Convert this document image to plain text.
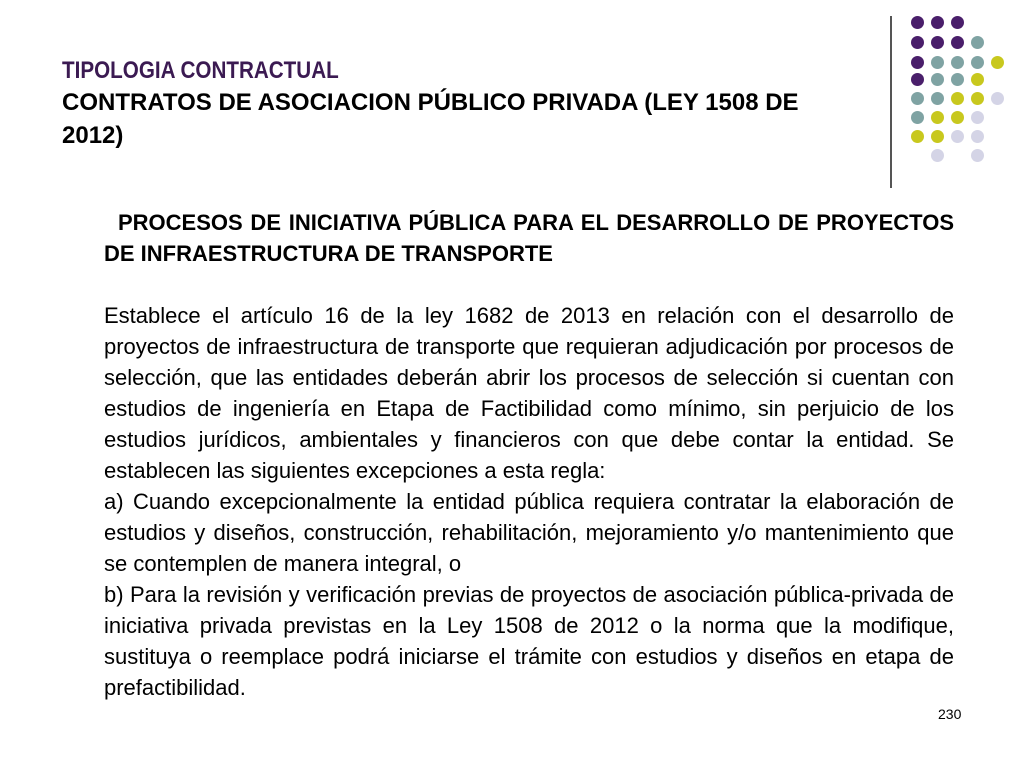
TIPOLOGIA CONTRACTUAL
CONTRATOS DE ASOCIACION PÚBLICO PRIVADA (LEY 1508 DE 2012)

PROCESOS DE INICIATIVA PÚBLICA PARA EL DESARROLLO DE PROYECTOS DE INFRAESTRUCTURA DE TRANSPORTE

Establece el artículo 16 de la ley 1682 de 2013 en relación con el desarrollo de proyectos de infraestructura de transporte que requieran adjudicación por procesos de selección, que las entidades deberán abrir los procesos de selección si cuentan con estudios de ingeniería en Etapa de Factibilidad como mínimo, sin perjuicio de los estudios jurídicos, ambientales y financieros con que debe contar la entidad. Se establecen las siguientes excepciones a esta regla:

a) Cuando excepcionalmente la entidad pública requiera contratar la elaboración de estudios y diseños, construcción, rehabilitación, mejoramiento y/o mantenimiento que se contemplen de manera integral, o

b) Para la revisión y verificación previas de proyectos de asociación pública-privada de iniciativa privada previstas en la Ley 1508 de 2012 o la norma que la modifique, sustituya o reemplace podrá iniciarse el trámite con estudios y diseños en etapa de prefactibilidad.

230
